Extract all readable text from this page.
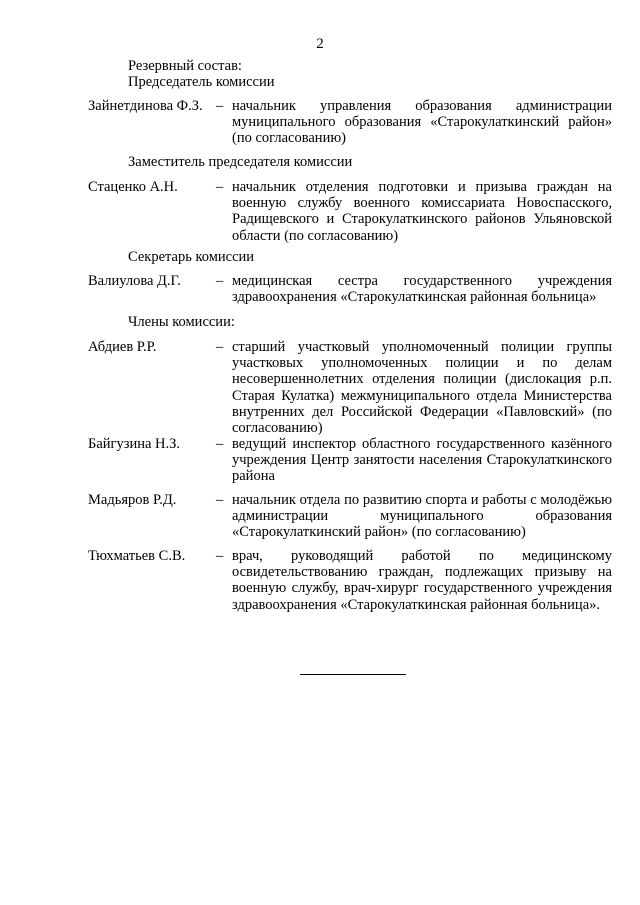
2
Резервный состав:
Председатель комиссии
Зайнетдинова Ф.З. – начальник управления образования администрации муниципального образования «Старокулаткинский район» (по согласованию)
Заместитель председателя комиссии
Стаценко А.Н.	– начальник отделения подготовки и призыва граждан на военную службу военного комиссариата Новоспасского, Радищевского и Старокулаткинского районов Ульяновской области (по согласованию)
Секретарь комиссии
Валиулова Д.Г. – медицинская сестра государственного учреждения здравоохранения «Старокулаткинская районная больница»
Члены комиссии:
Абдиев Р.Р.	– старший участковый уполномоченный полиции группы участковых уполномоченных полиции и по делам несовершеннолетних отделения полиции (дислокация р.п. Старая Кулатка) межмуниципального отдела Министерства внутренних дел Российской Федерации «Павловский» (по согласованию)
Байгузина Н.З. – ведущий инспектор областного государственного казённого учреждения Центр занятости населения Старокулаткинского района
Мадьяров Р.Д.	– начальник отдела по развитию спорта и работы с молодёжью администрации муниципального образования «Старокулаткинский район» (по согласованию)
Тюхматьев С.В. – врач, руководящий работой по медицинскому освидетельствованию граждан, подлежащих призыву на военную службу, врач-хирург государственного учреждения здравоохранения «Старокулаткинская районная больница».
